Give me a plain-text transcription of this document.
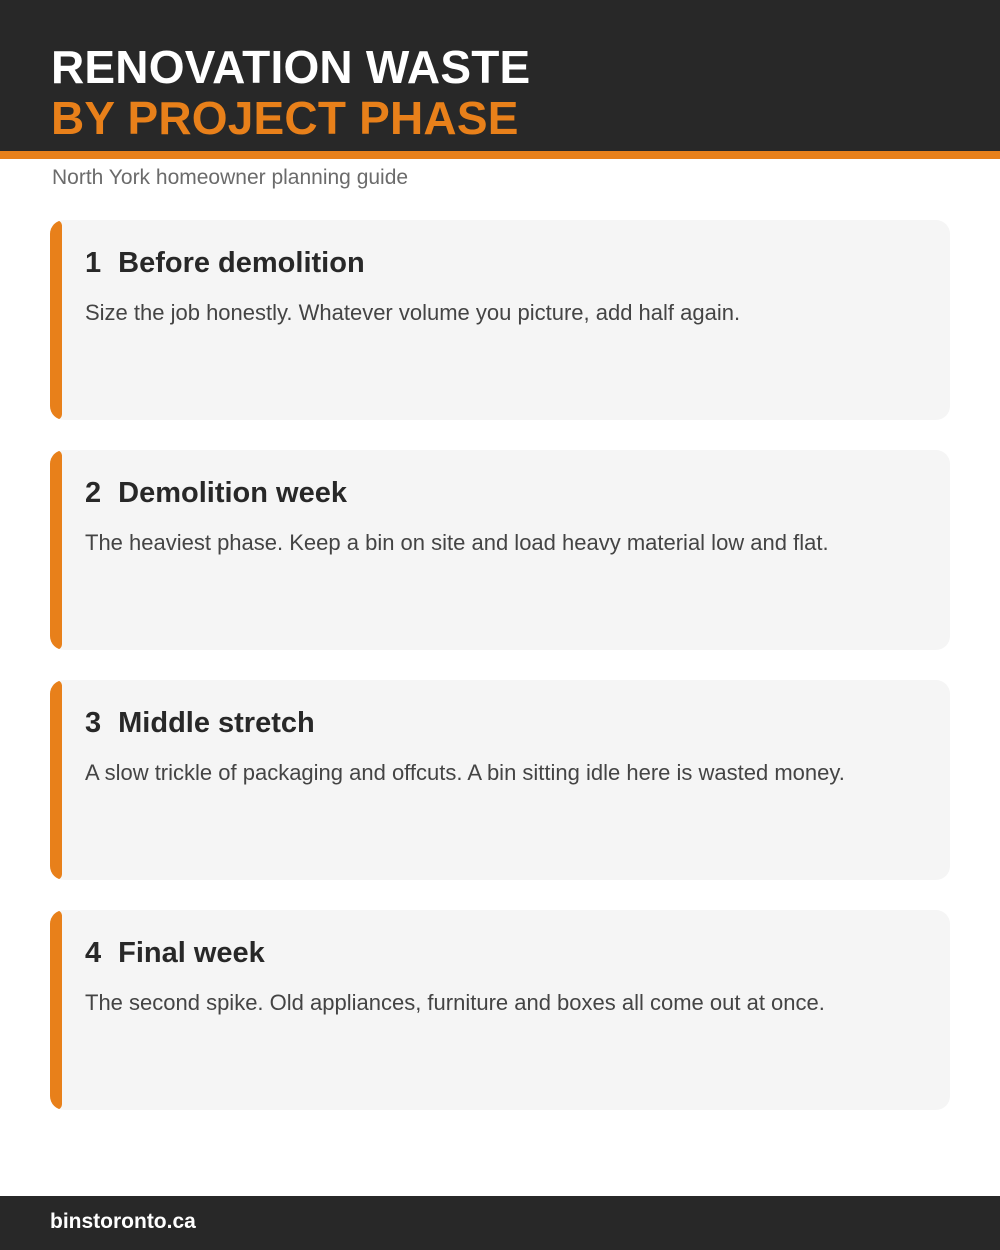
RENOVATION WASTE
BY PROJECT PHASE
North York homeowner planning guide
1 Before demolition
Size the job honestly. Whatever volume you picture, add half again.
2 Demolition week
The heaviest phase. Keep a bin on site and load heavy material low and flat.
3 Middle stretch
A slow trickle of packaging and offcuts. A bin sitting idle here is wasted money.
4 Final week
The second spike. Old appliances, furniture and boxes all come out at once.
binstoronto.ca
